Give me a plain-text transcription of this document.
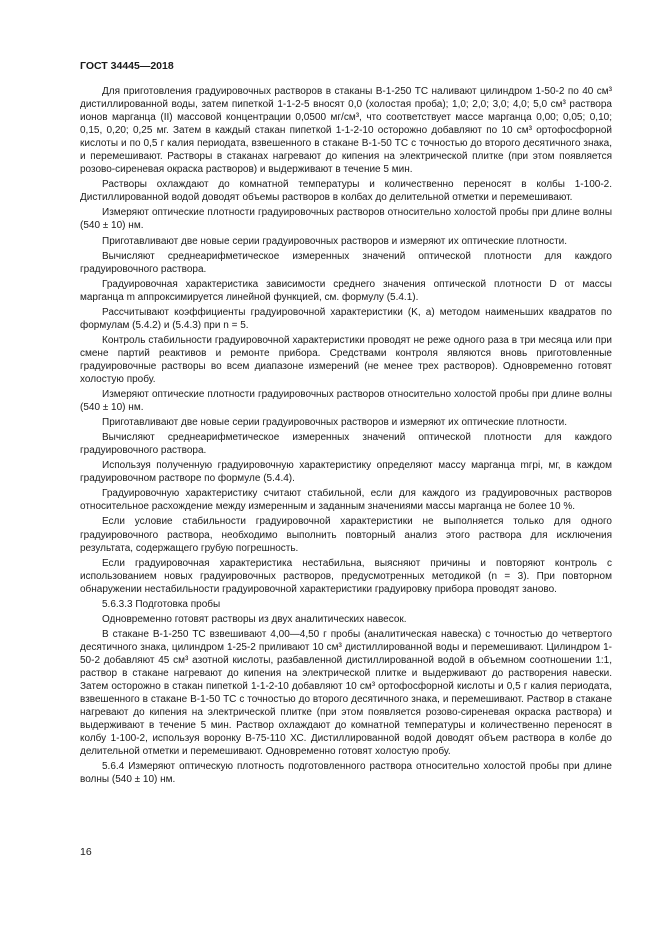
ГОСТ 34445—2018

Для приготовления градуировочных растворов в стаканы В-1-250 ТС наливают цилиндром 1-50-2 по 40 см³ дистиллированной воды, затем пипеткой 1-1-2-5 вносят 0,0 (холостая проба); 1,0; 2,0; 3,0; 4,0; 5,0 см³ раствора ионов марганца (II) массовой концентрации 0,0500 мг/см³, что соответствует массе марганца 0,00; 0,05; 0,10; 0,15, 0,20; 0,25 мг. Затем в каждый стакан пипеткой 1-1-2-10 осторожно добавляют по 10 см³ ортофосфорной кислоты и по 0,5 г калия периодата, взвешенного в стакане В-1-50 ТС с точностью до второго десятичного знака, и перемешивают. Растворы в стаканах нагревают до кипения на электрической плитке (при этом появляется розово-сиреневая окраска растворов) и выдерживают в течение 5 мин.

Растворы охлаждают до комнатной температуры и количественно переносят в колбы 1-100-2. Дистиллированной водой доводят объемы растворов в колбах до делительной отметки и перемешивают.

Измеряют оптические плотности градуировочных растворов относительно холостой пробы при длине волны (540 ± 10) нм.

Приготавливают две новые серии градуировочных растворов и измеряют их оптические плотности.

Вычисляют среднеарифметическое измеренных значений оптической плотности для каждого градуировочного раствора.

Градуировочная характеристика зависимости среднего значения оптической плотности D от массы марганца m аппроксимируется линейной функцией, см. формулу (5.4.1).

Рассчитывают коэффициенты градуировочной характеристики (K, a) методом наименьших квадратов по формулам (5.4.2) и (5.4.3) при n = 5.

Контроль стабильности градуировочной характеристики проводят не реже одного раза в три месяца или при смене партий реактивов и ремонте прибора. Средствами контроля являются вновь приготовленные градуировочные растворы во всем диапазоне измерений (не менее трех растворов). Одновременно готовят холостую пробу.

Измеряют оптические плотности градуировочных растворов относительно холостой пробы при длине волны (540 ± 10) нм.

Приготавливают две новые серии градуировочных растворов и измеряют их оптические плотности.

Вычисляют среднеарифметическое измеренных значений оптической плотности для каждого градуировочного раствора.

Используя полученную градуировочную характеристику определяют массу марганца mгрi, мг, в каждом градуировочном растворе по формуле (5.4.4).

Градуировочную характеристику считают стабильной, если для каждого из градуировочных растворов относительное расхождение между измеренным и заданным значениями массы марганца не более 10 %.

Если условие стабильности градуировочной характеристики не выполняется только для одного градуировочного раствора, необходимо выполнить повторный анализ этого раствора для исключения результата, содержащего грубую погрешность.

Если градуировочная характеристика нестабильна, выясняют причины и повторяют контроль с использованием новых градуировочных растворов, предусмотренных методикой (n = 3). При повторном обнаружении нестабильности градуировочной характеристики градуировку прибора проводят заново.

5.6.3.3 Подготовка пробы

Одновременно готовят растворы из двух аналитических навесок.

В стакане В-1-250 ТС взвешивают 4,00—4,50 г пробы (аналитическая навеска) с точностью до четвертого десятичного знака, цилиндром 1-25-2 приливают 10 см³ дистиллированной воды и перемешивают. Цилиндром 1-50-2 добавляют 45 см³ азотной кислоты, разбавленной дистиллированной водой в объемном соотношении 1:1, раствор в стакане нагревают до кипения на электрической плитке и выдерживают до растворения навески. Затем осторожно в стакан пипеткой 1-1-2-10 добавляют 10 см³ ортофосфорной кислоты и 0,5 г калия периодата, взвешенного в стакане В-1-50 ТС с точностью до второго десятичного знака, и перемешивают. Раствор в стакане нагревают до кипения на электрической плитке (при этом появляется розово-сиреневая окраска раствора) и выдерживают в течение 5 мин. Раствор охлаждают до комнатной температуры и количественно переносят в колбу 1-100-2, используя воронку В-75-110 ХС. Дистиллированной водой доводят объем раствора в колбе до делительной отметки и перемешивают. Одновременно готовят холостую пробу.

5.6.4 Измеряют оптическую плотность подготовленного раствора относительно холостой пробы при длине волны (540 ± 10) нм.

16
